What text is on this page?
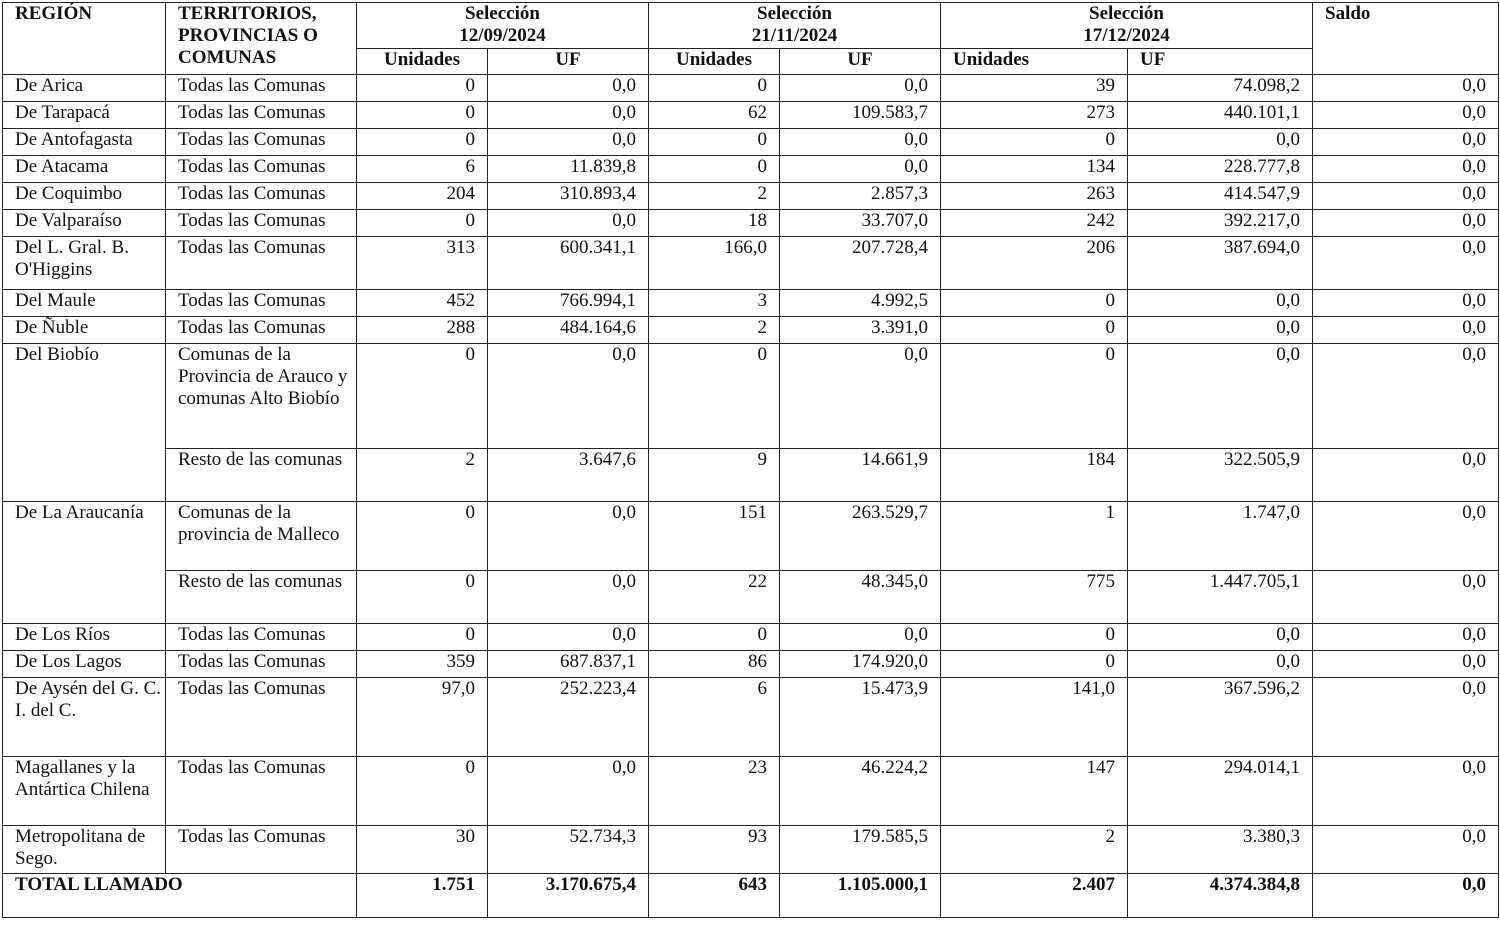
REGIÓN	TERRITORIOS, PROVINCIAS O COMUNAS	Selección 12/09/2024		Selección 21/11/2024		Selección 17/12/2024		Saldo
		Unidades	UF	Unidades	UF	Unidades	UF	
De Arica	Todas las Comunas	0	0,0	0	0,0	39	74.098,2	0,0
De Tarapacá	Todas las Comunas	0	0,0	62	109.583,7	273	440.101,1	0,0
De Antofagasta	Todas las Comunas	0	0,0	0	0,0	0	0,0	0,0
De Atacama	Todas las Comunas	6	11.839,8	0	0,0	134	228.777,8	0,0
De Coquimbo	Todas las Comunas	204	310.893,4	2	2.857,3	263	414.547,9	0,0
De Valparaíso	Todas las Comunas	0	0,0	18	33.707,0	242	392.217,0	0,0
Del L. Gral. B. O'Higgins	Todas las Comunas	313	600.341,1	166,0	207.728,4	206	387.694,0	0,0
Del Maule	Todas las Comunas	452	766.994,1	3	4.992,5	0	0,0	0,0
De Ñuble	Todas las Comunas	288	484.164,6	2	3.391,0	0	0,0	0,0
Del Biobío	Comunas de la Provincia de Arauco y comunas Alto Biobío	0	0,0	0	0,0	0	0,0	0,0
	Resto de las comunas	2	3.647,6	9	14.661,9	184	322.505,9	0,0
De La Araucanía	Comunas de la provincia de Malleco	0	0,0	151	263.529,7	1	1.747,0	0,0
	Resto de las comunas	0	0,0	22	48.345,0	775	1.447.705,1	0,0
De Los Ríos	Todas las Comunas	0	0,0	0	0,0	0	0,0	0,0
De Los Lagos	Todas las Comunas	359	687.837,1	86	174.920,0	0	0,0	0,0
De Aysén del G. C. I. del C.	Todas las Comunas	97,0	252.223,4	6	15.473,9	141,0	367.596,2	0,0
Magallanes y la Antártica Chilena	Todas las Comunas	0	0,0	23	46.224,2	147	294.014,1	0,0
Metropolitana de Sego.	Todas las Comunas	30	52.734,3	93	179.585,5	2	3.380,3	0,0
TOTAL LLAMADO		1.751	3.170.675,4	643	1.105.000,1	2.407	4.374.384,8	0,0
